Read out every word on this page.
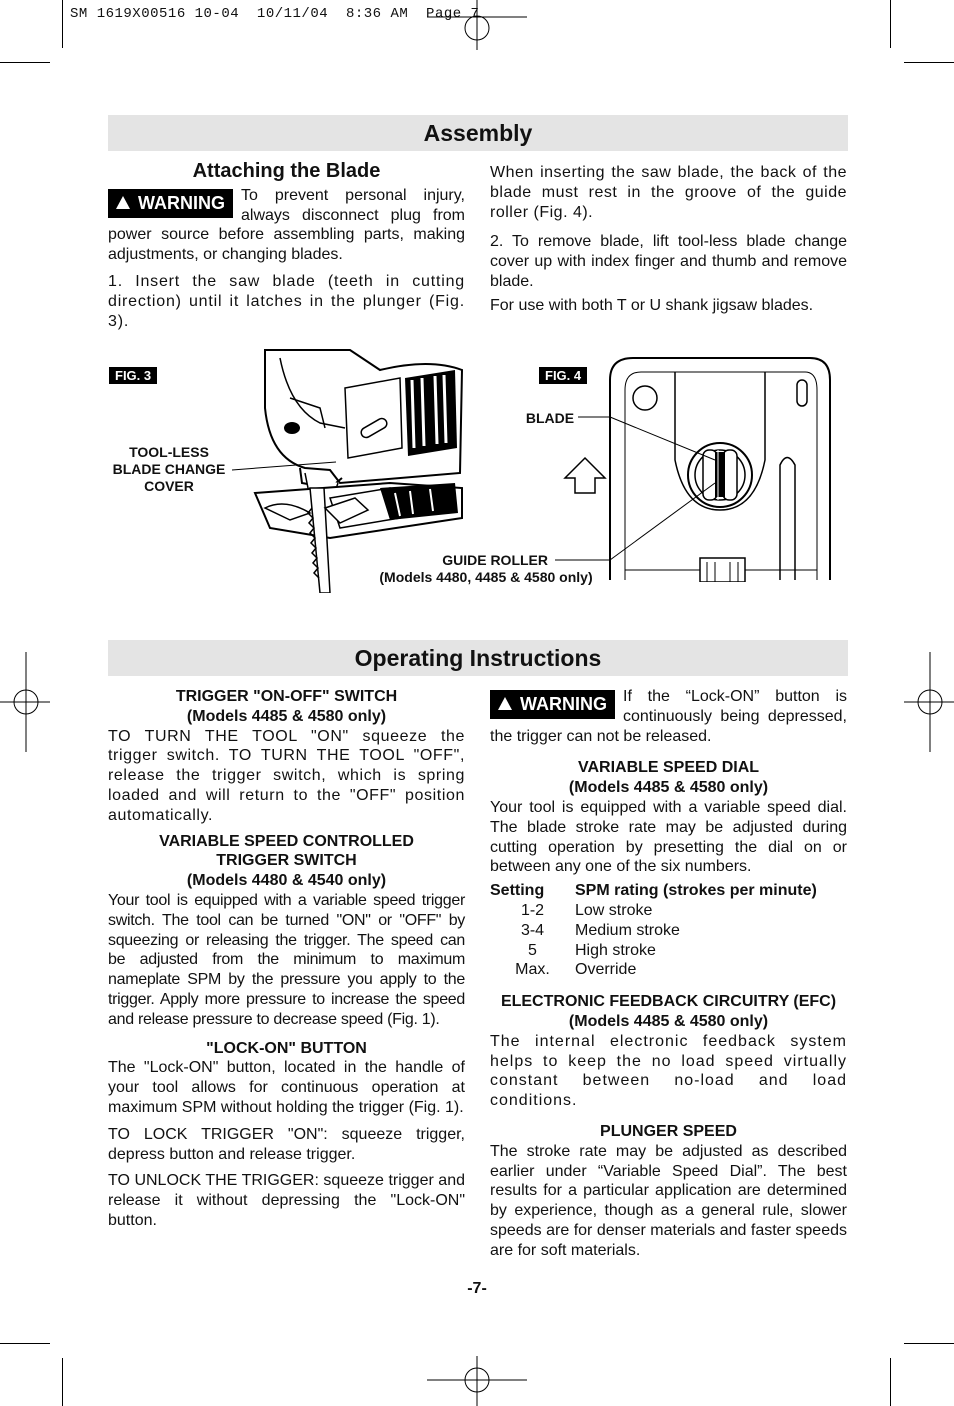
SM 1619X00516 10-04  10/11/04  8:36 AM  Page 7
Assembly
Attaching the Blade

WARNING	To prevent personal injury, always disconnect plug from power source before assembling parts, making adjustments, or changing blades.

1. Insert the saw blade (teeth in cutting direction) until it latches in the plunger (Fig. 3).

When inserting the saw blade, the back of the blade must rest in the groove of the guide roller (Fig. 4).

2. To remove blade, lift tool-less blade change cover up with index finger and thumb and remove blade.

For use with both T or U shank jigsaw blades.

FIG. 3
TOOL-LESS
BLADE CHANGE
COVER
FIG. 4
BLADE
GUIDE ROLLER
(Models 4480, 4485 & 4580 only)
Operating Instructions
TRIGGER "ON-OFF" SWITCH
(Models 4485 & 4580 only)

TO TURN THE TOOL "ON" squeeze the trigger switch. TO TURN THE TOOL "OFF", release the trigger switch, which is spring loaded and will return to the "OFF" position automatically.

VARIABLE SPEED CONTROLLED
TRIGGER SWITCH
(Models 4480 & 4540 only)

Your tool is equipped with a variable speed trigger switch. The tool can be turned "ON" or "OFF" by squeezing or releasing the trigger. The speed can be adjusted from the minimum to maximum nameplate SPM by the pressure you apply to the trigger. Apply more pressure to increase the speed and release pressure to decrease speed (Fig. 1).

"LOCK-ON" BUTTON

The "Lock-ON" button, located in the handle of your tool allows for continuous operation at maximum SPM without holding the trigger (Fig. 1).

TO LOCK TRIGGER "ON": squeeze trigger, depress button and release trigger.

TO UNLOCK THE TRIGGER: squeeze trigger and release it without depressing the "Lock-ON" button.

WARNING	If the “Lock-ON” button is continuously being depressed, the trigger can not be released.

VARIABLE SPEED DIAL
(Models 4485 & 4580 only)

Your tool is equipped with a variable speed dial. The blade stroke rate may be adjusted during cutting operation by presetting the dial on or between any one of the six numbers.

Setting	SPM rating (strokes per minute)
1-2	Low stroke
3-4	Medium stroke
5	High stroke
Max.	Override
ELECTRONIC FEEDBACK CIRCUITRY (EFC)
(Models 4485 & 4580 only)

The internal electronic feedback system helps to keep the no load speed virtually constant between no-load and load conditions.

PLUNGER SPEED

The stroke rate may be adjusted as described earlier under “Variable Speed Dial”. The best results for a particular application are determined by experience, though as a general rule, slower speeds are for denser materials and faster speeds are for soft materials.

-7-
